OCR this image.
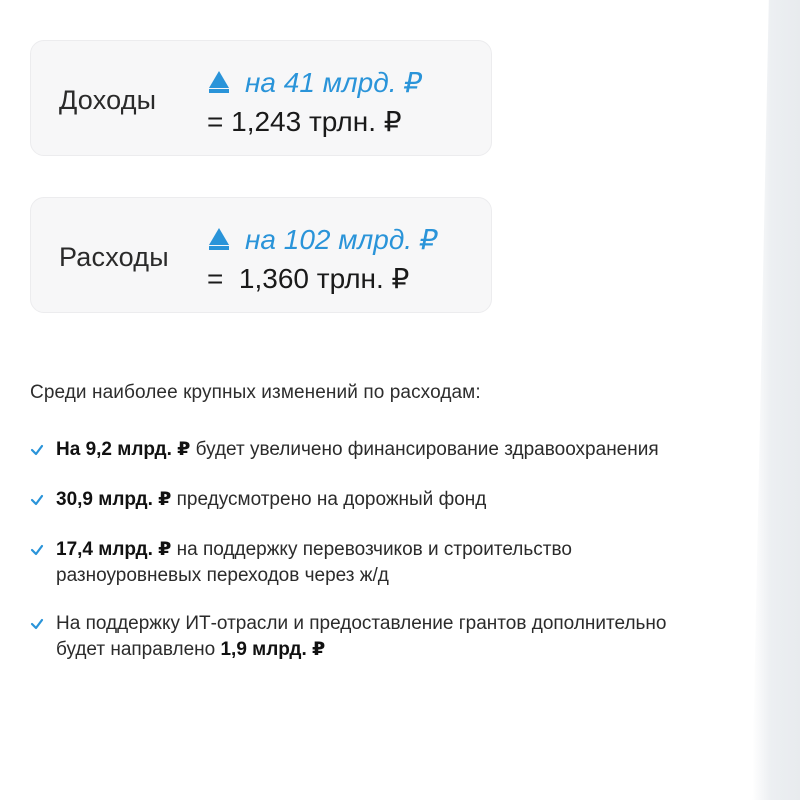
Доходы
на 41 млрд. ₽
= 1,243 трлн. ₽
Расходы
на 102 млрд. ₽
=  1,360 трлн. ₽
Среди наиболее крупных изменений по расходам:
На 9,2 млрд. ₽ будет увеличено финансирование здравоохранения
30,9 млрд. ₽ предусмотрено на дорожный фонд
17,4 млрд. ₽ на поддержку перевозчиков и строительство
разноуровневых переходов через ж/д
На поддержку ИТ-отрасли и предоставление грантов дополнительно
будет направлено 1,9 млрд. ₽
